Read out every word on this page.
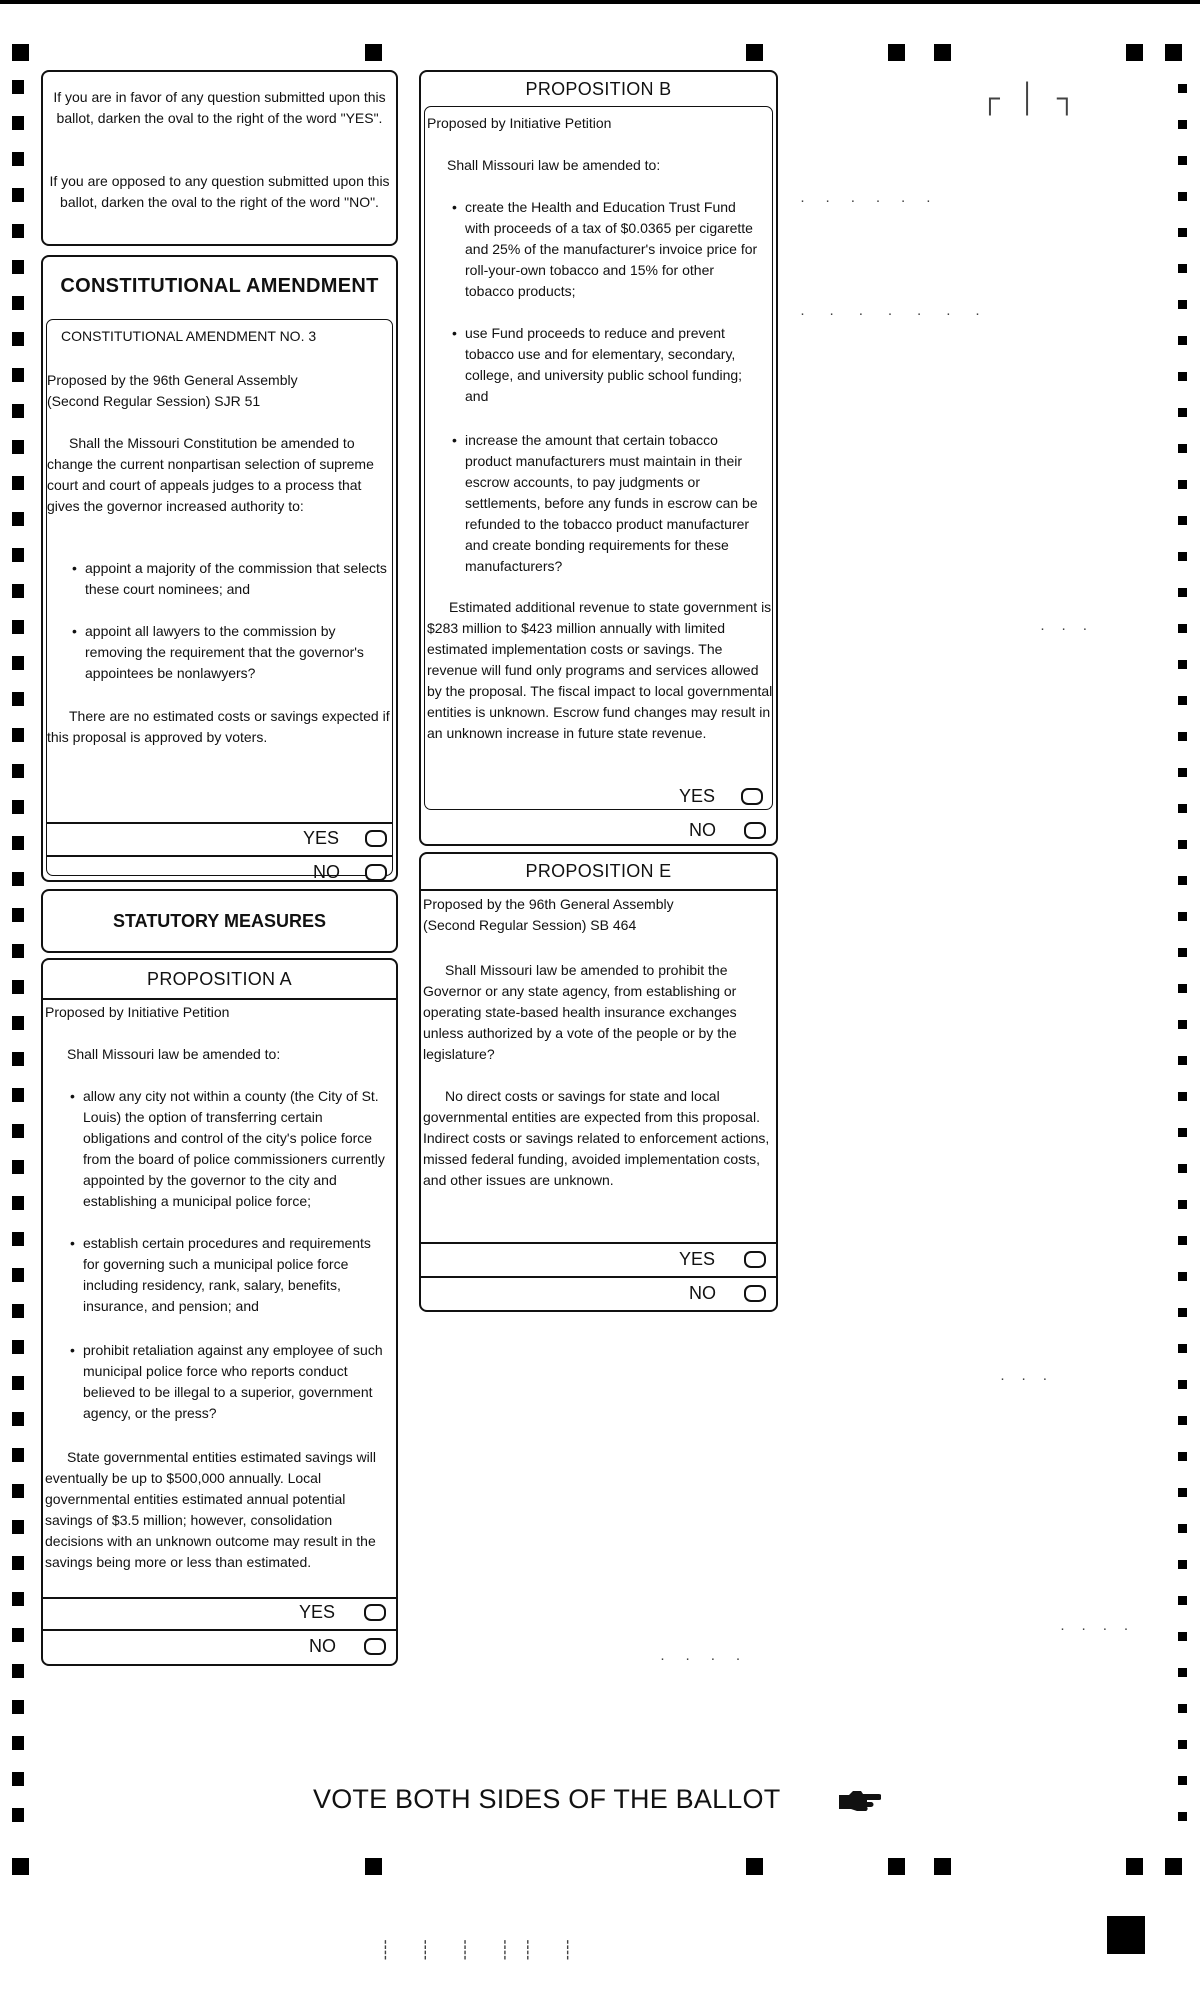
If you are in favor of any question submitted upon this ballot, darken the oval to the right of the word "YES".
If you are opposed to any question submitted upon this ballot, darken the oval to the right of the word "NO".
CONSTITUTIONAL AMENDMENT
CONSTITUTIONAL AMENDMENT NO. 3
Proposed by the 96th General Assembly (Second Regular Session) SJR 51
Shall the Missouri Constitution be amended to change the current nonpartisan selection of supreme court and court of appeals judges to a process that gives the governor increased authority to:
• appoint a majority of the commission that selects these court nominees; and
• appoint all lawyers to the commission by removing the requirement that the governor's appointees be nonlawyers?
There are no estimated costs or savings expected if this proposal is approved by voters.
YES
NO
STATUTORY MEASURES
PROPOSITION A
Proposed by Initiative Petition
Shall Missouri law be amended to:
• allow any city not within a county (the City of St. Louis) the option of transferring certain obligations and control of the city's police force from the board of police commissioners currently appointed by the governor to the city and establishing a municipal police force;
• establish certain procedures and requirements for governing such a municipal police force including residency, rank, salary, benefits, insurance, and pension; and
• prohibit retaliation against any employee of such municipal police force who reports conduct believed to be illegal to a superior, government agency, or the press?
State governmental entities estimated savings will eventually be up to $500,000 annually. Local governmental entities estimated annual potential savings of $3.5 million; however, consolidation decisions with an unknown outcome may result in the savings being more or less than estimated.
YES
NO
PROPOSITION B
Proposed by Initiative Petition
Shall Missouri law be amended to:
• create the Health and Education Trust Fund with proceeds of a tax of $0.0365 per cigarette and 25% of the manufacturer's invoice price for roll-your-own tobacco and 15% for other tobacco products;
• use Fund proceeds to reduce and prevent tobacco use and for elementary, secondary, college, and university public school funding; and
• increase the amount that certain tobacco product manufacturers must maintain in their escrow accounts, to pay judgments or settlements, before any funds in escrow can be refunded to the tobacco product manufacturer and create bonding requirements for these manufacturers?
Estimated additional revenue to state government is $283 million to $423 million annually with limited estimated implementation costs or savings. The revenue will fund only programs and services allowed by the proposal. The fiscal impact to local governmental entities is unknown. Escrow fund changes may result in an unknown increase in future state revenue.
YES
NO
PROPOSITION E
Proposed by the 96th General Assembly (Second Regular Session) SB 464
Shall Missouri law be amended to prohibit the Governor or any state agency, from establishing or operating state-based health insurance exchanges unless authorized by a vote of the people or by the legislature?
No direct costs or savings for state and local governmental entities are expected from this proposal. Indirect costs or savings related to enforcement actions, missed federal funding, avoided implementation costs, and other issues are unknown.
YES
NO
VOTE BOTH SIDES OF THE BALLOT
┌ │ ┐
· · · · · ·
· · · · · · ·
· · ·
· · ·
· · · ·
· · · ·
┊ ┊ ┊ ┊┊ ┊
